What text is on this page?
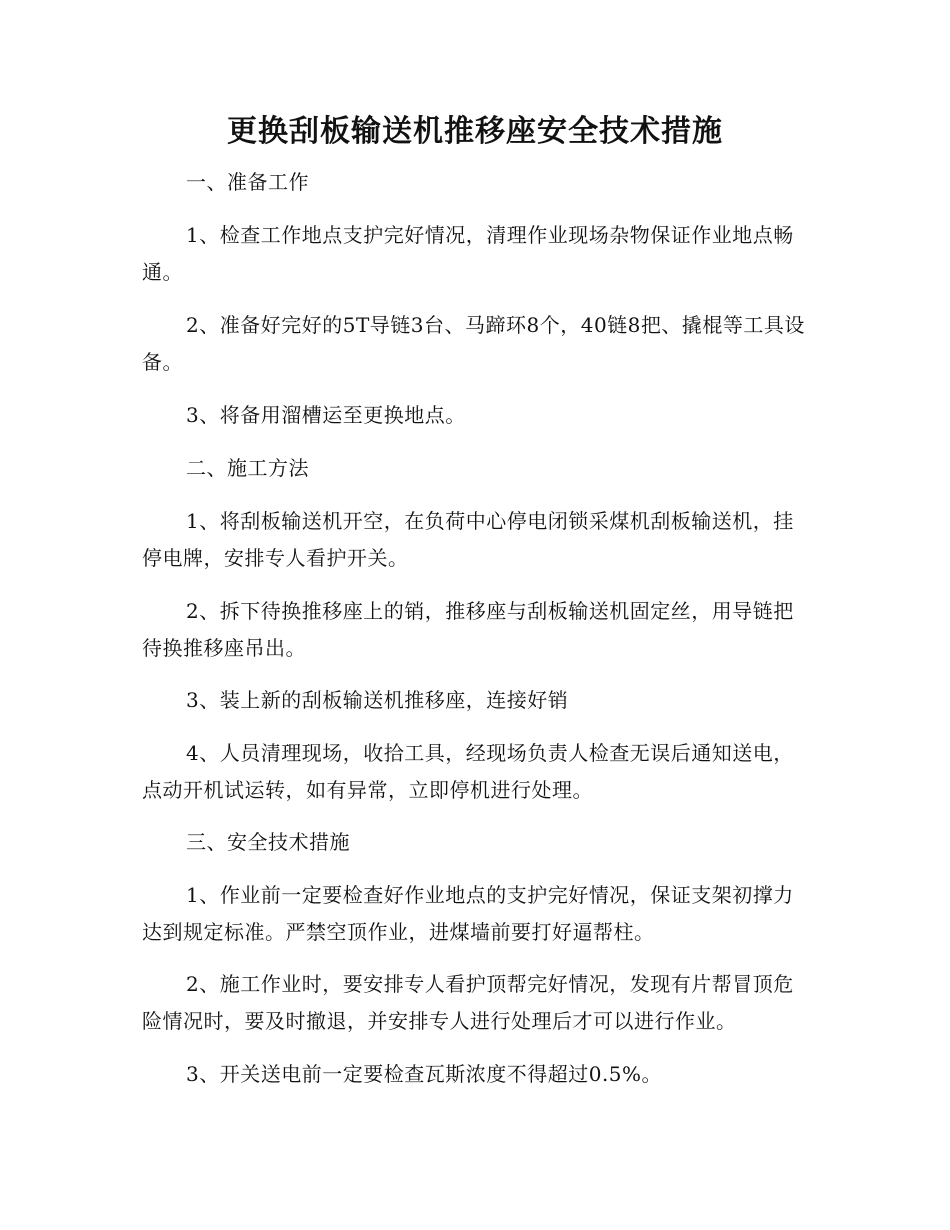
更换刮板输送机推移座安全技术措施

一、准备工作

1、检查工作地点支护完好情况，清理作业现场杂物保证作业地点畅通。

2、准备好完好的5T导链3台、马蹄环8个，40链8把、撬棍等工具设备。

3、将备用溜槽运至更换地点。

二、施工方法

1、将刮板输送机开空，在负荷中心停电闭锁采煤机刮板输送机，挂停电牌，安排专人看护开关。

2、拆下待换推移座上的销，推移座与刮板输送机固定丝，用导链把待换推移座吊出。

3、装上新的刮板输送机推移座，连接好销

4、人员清理现场，收拾工具，经现场负责人检查无误后通知送电，点动开机试运转，如有异常，立即停机进行处理。

三、安全技术措施

1、作业前一定要检查好作业地点的支护完好情况，保证支架初撑力达到规定标准。严禁空顶作业，进煤墙前要打好逼帮柱。

2、施工作业时，要安排专人看护顶帮完好情况，发现有片帮冒顶危险情况时，要及时撤退，并安排专人进行处理后才可以进行作业。

3、开关送电前一定要检查瓦斯浓度不得超过0.5%。
